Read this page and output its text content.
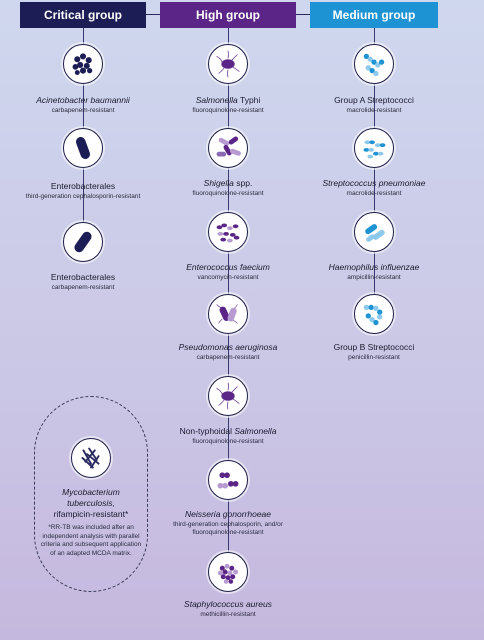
Critical group	High group	Medium group
Acinetobacter baumannii
carbapenem-resistant
Enterobacterales
third-generation cephalosporin-resistant
Enterobacterales
carbapenem-resistant
Mycobacterium
tuberculosis,
rifampicin-resistant*
*RR-TB was included after an independent analysis with parallel criteria and subsequent application of an adapted MCDA matrix.
Salmonella Typhi
fluoroquinolone-resistant
Shigella spp.
fluoroquinolone-resistant
Enterococcus faecium
vancomycin-resistant
Pseudomonas aeruginosa
carbapenem-resistant
Non-typhoidal Salmonella
fluoroquinolone-resistant
Neisseria gonorrhoeae
third-generation cephalosporin, and/or fluoroquinolone-resistant
Staphylococcus aureus
methicillin-resistant
Group A Streptococci
macrolide-resistant
Streptococcus pneumoniae
macrolide-resistant
Haemophilus influenzae
ampicillin-resistant
Group B Streptococci
penicillin-resistant
